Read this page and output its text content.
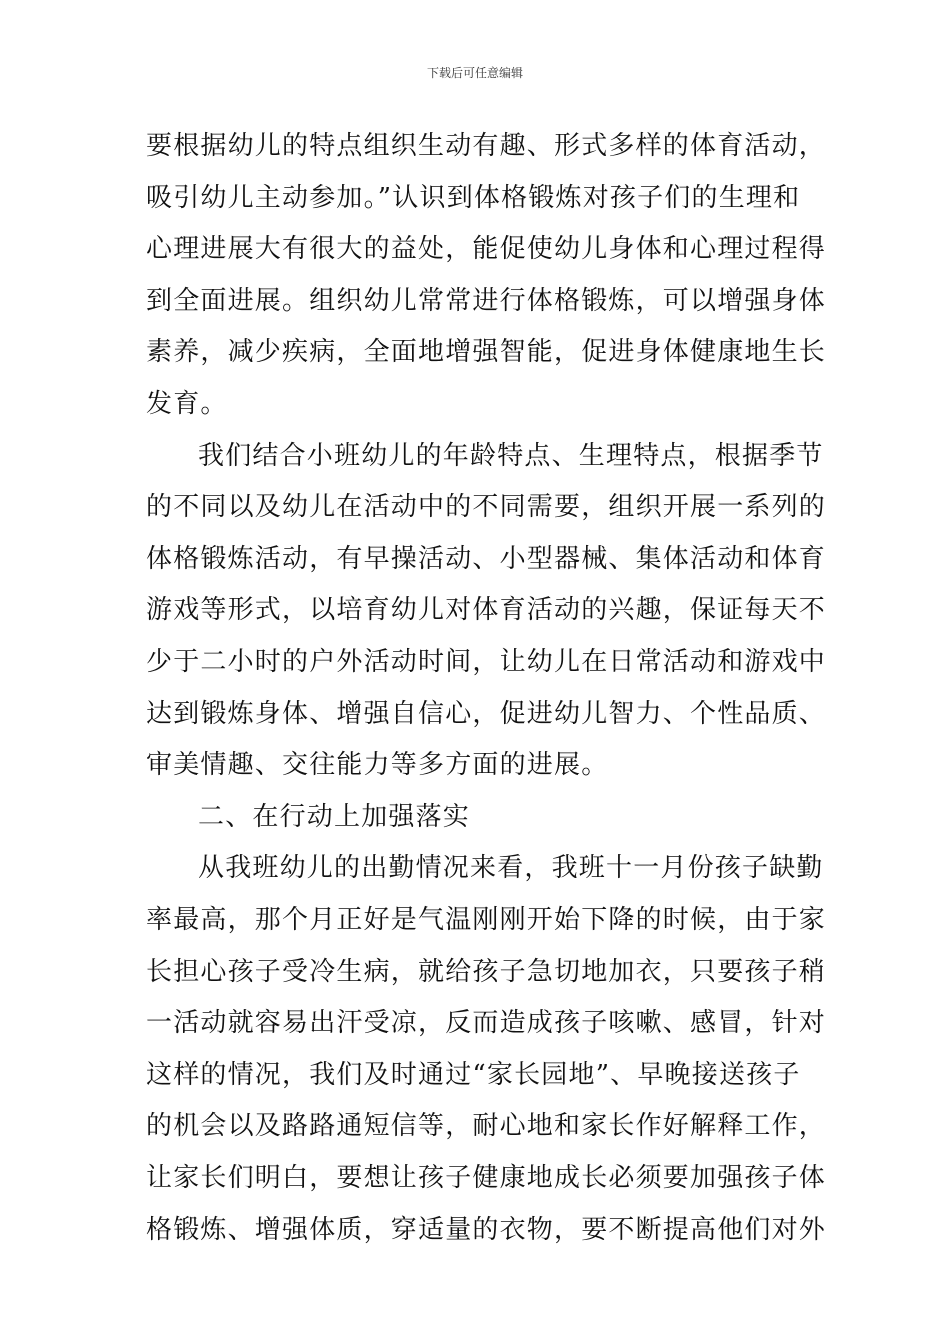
下载后可任意编辑
要根据幼儿的特点组织生动有趣、形式多样的体育活动，
吸引幼儿主动参加。”认识到体格锻炼对孩子们的生理和
心理进展大有很大的益处，能促使幼儿身体和心理过程得
到全面进展。组织幼儿常常进行体格锻炼，可以增强身体
素养，减少疾病，全面地增强智能，促进身体健康地生长
发育。
我们结合小班幼儿的年龄特点、生理特点，根据季节
的不同以及幼儿在活动中的不同需要，组织开展一系列的
体格锻炼活动，有早操活动、小型器械、集体活动和体育
游戏等形式，以培育幼儿对体育活动的兴趣，保证每天不
少于二小时的户外活动时间，让幼儿在日常活动和游戏中
达到锻炼身体、增强自信心，促进幼儿智力、个性品质、
审美情趣、交往能力等多方面的进展。
二、在行动上加强落实
从我班幼儿的出勤情况来看，我班十一月份孩子缺勤
率最高，那个月正好是气温刚刚开始下降的时候，由于家
长担心孩子受冷生病，就给孩子急切地加衣，只要孩子稍
一活动就容易出汗受凉，反而造成孩子咳嗽、感冒，针对
这样的情况，我们及时通过“家长园地”、早晚接送孩子
的机会以及路路通短信等，耐心地和家长作好解释工作，
让家长们明白，要想让孩子健康地成长必须要加强孩子体
格锻炼、增强体质，穿适量的衣物，要不断提高他们对外
